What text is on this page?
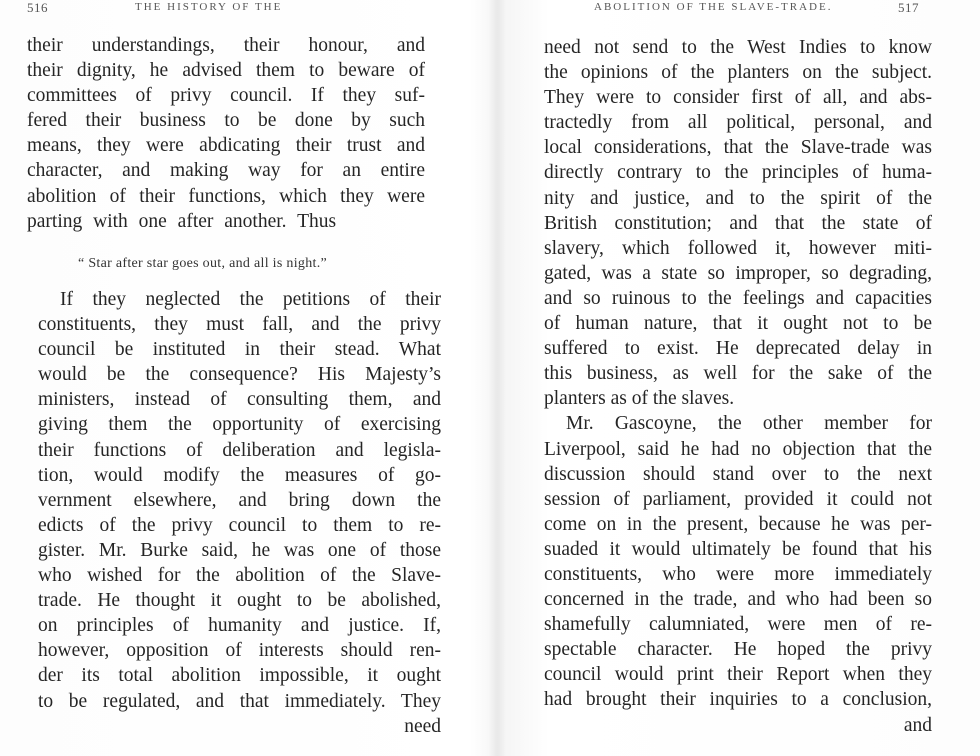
516	THE HISTORY OF THE
their understandings, their honour, and
their dignity, he advised them to beware of
committees of privy council. If they suf-
fered their business to be done by such
means, they were abdicating their trust and
character, and making way for an entire
abolition of their functions, which they were
parting with one after another. Thus
“ Star after star goes out, and all is night.”
If they neglected the petitions of their
constituents, they must fall, and the privy
council be instituted in their stead. What
would be the consequence? His Majesty’s
ministers, instead of consulting them, and
giving them the opportunity of exercising
their functions of deliberation and legisla-
tion, would modify the measures of go-
vernment elsewhere, and bring down the
edicts of the privy council to them to re-
gister. Mr. Burke said, he was one of those
who wished for the abolition of the Slave-
trade. He thought it ought to be abolished,
on principles of humanity and justice. If,
however, opposition of interests should ren-
der its total abolition impossible, it ought
to be regulated, and that immediately. They
need
ABOLITION OF THE SLAVE-TRADE.	517
need not send to the West Indies to know
the opinions of the planters on the subject.
They were to consider first of all, and abs-
tractedly from all political, personal, and
local considerations, that the Slave-trade was
directly contrary to the principles of huma-
nity and justice, and to the spirit of the
British constitution; and that the state of
slavery, which followed it, however miti-
gated, was a state so improper, so degrading,
and so ruinous to the feelings and capacities
of human nature, that it ought not to be
suffered to exist. He deprecated delay in
this business, as well for the sake of the
planters as of the slaves.
Mr. Gascoyne, the other member for
Liverpool, said he had no objection that the
discussion should stand over to the next
session of parliament, provided it could not
come on in the present, because he was per-
suaded it would ultimately be found that his
constituents, who were more immediately
concerned in the trade, and who had been so
shamefully calumniated, were men of re-
spectable character. He hoped the privy
council would print their Report when they
had brought their inquiries to a conclusion,
and
